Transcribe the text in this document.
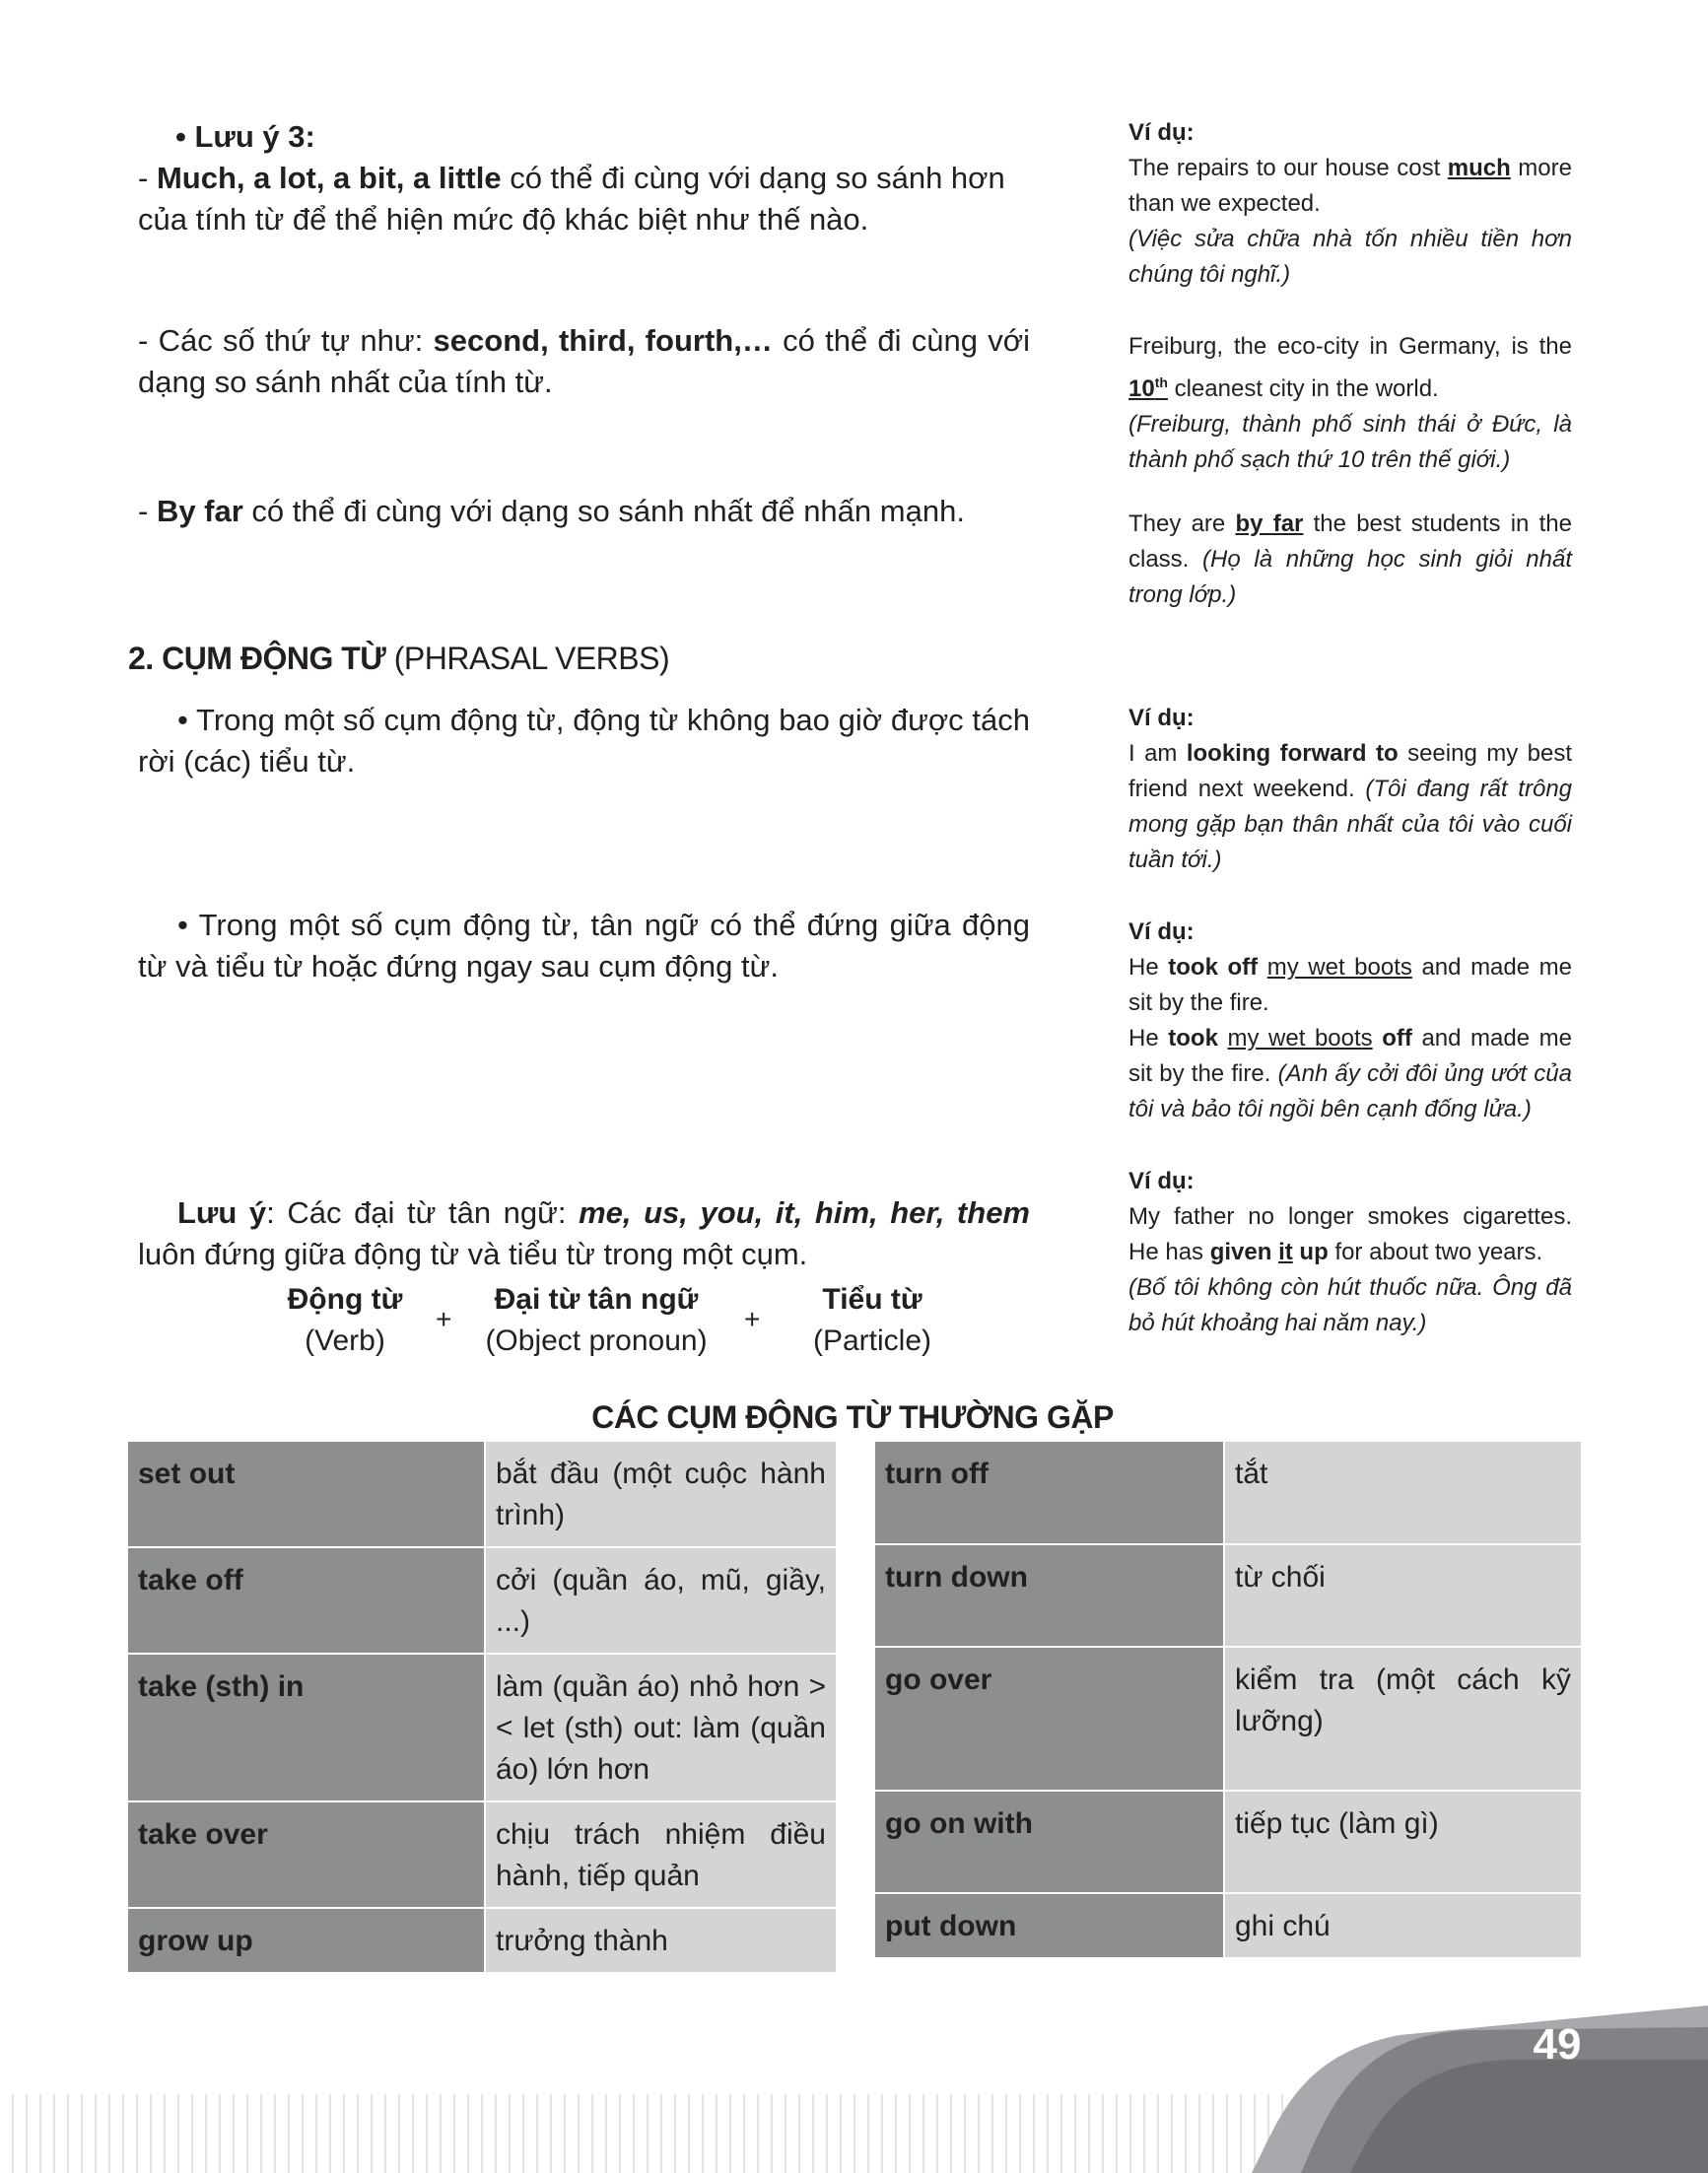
• Lưu ý 3:
- Much, a lot, a bit, a little có thể đi cùng với dạng so sánh hơn của tính từ để thể hiện mức độ khác biệt như thế nào.
- Các số thứ tự như: second, third, fourth,… có thể đi cùng với dạng so sánh nhất của tính từ.
- By far có thể đi cùng với dạng so sánh nhất để nhấn mạnh.
2. CỤM ĐỘNG TỪ (PHRASAL VERBS)
• Trong một số cụm động từ, động từ không bao giờ được tách rời (các) tiểu từ.
• Trong một số cụm động từ, tân ngữ có thể đứng giữa động từ và tiểu từ hoặc đứng ngay sau cụm động từ.
Lưu ý: Các đại từ tân ngữ: me, us, you, it, him, her, them luôn đứng giữa động từ và tiểu từ trong một cụm.
Động từ
(Verb)
+
Đại từ tân ngữ
(Object pronoun)
+
Tiểu từ
(Particle)
Ví dụ:
The repairs to our house cost much more than we expected.
(Việc sửa chữa nhà tốn nhiều tiền hơn chúng tôi nghĩ.)
Freiburg, the eco-city in Germany, is the 10th cleanest city in the world.
(Freiburg, thành phố sinh thái ở Đức, là thành phố sạch thứ 10 trên thế giới.)
They are by far the best students in the class. (Họ là những học sinh giỏi nhất trong lớp.)
Ví dụ:
I am looking forward to seeing my best friend next weekend. (Tôi đang rất trông mong gặp bạn thân nhất của tôi vào cuối tuần tới.)
Ví dụ:
He took off my wet boots and made me sit by the fire.
He took my wet boots off and made me sit by the fire. (Anh ấy cởi đôi ủng ướt của tôi và bảo tôi ngồi bên cạnh đống lửa.)
Ví dụ:
My father no longer smokes cigarettes. He has given it up for about two years.
(Bố tôi không còn hút thuốc nữa. Ông đã bỏ hút khoảng hai năm nay.)
CÁC CỤM ĐỘNG TỪ THƯỜNG GẶP
set out	bắt đầu (một cuộc hành trình)
take off	cởi (quần áo, mũ, giầy, ...)
take (sth) in	làm (quần áo) nhỏ hơn >< let (sth) out: làm (quần áo) lớn hơn
take over	chịu trách nhiệm điều hành, tiếp quản
grow up	trưởng thành
turn off	tắt
turn down	từ chối
go over	kiểm tra (một cách kỹ lưỡng)
go on with	tiếp tục (làm gì)
put down	ghi chú
49
